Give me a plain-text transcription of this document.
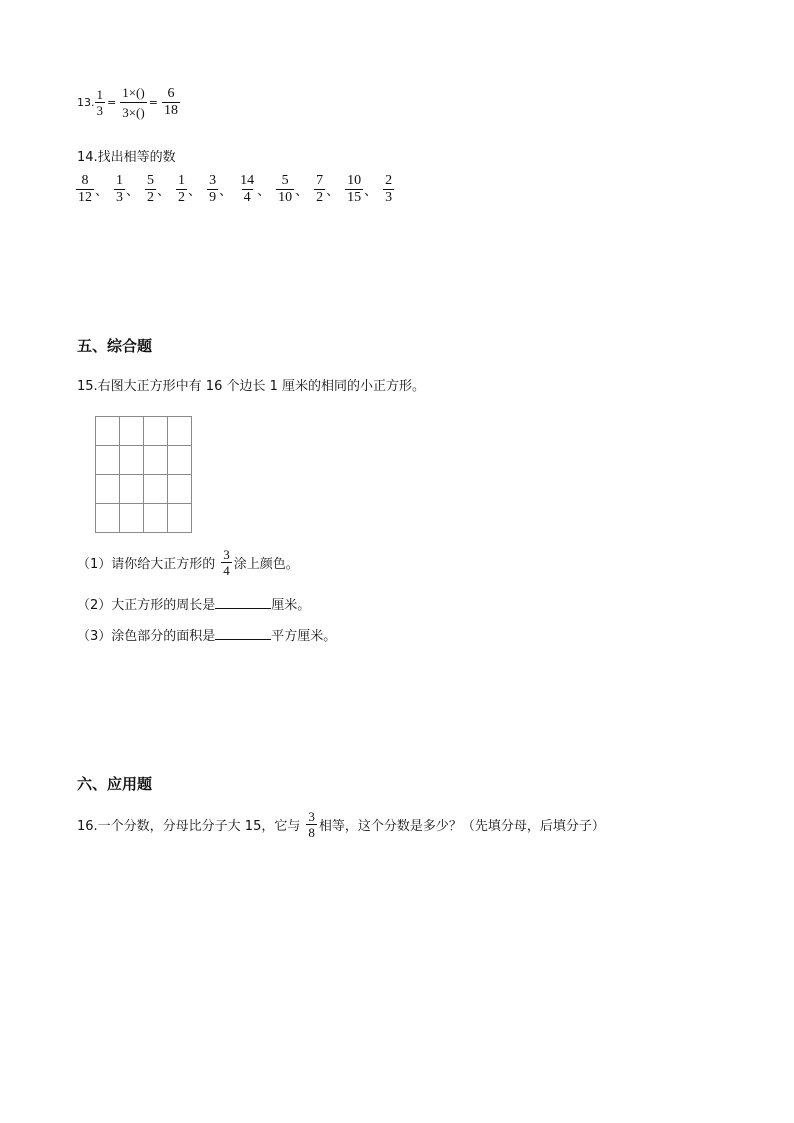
13. $\frac{1}{3} = \frac{1\times()}{3\times()} = \frac{6}{18}$
14.找出相等的数
$\frac{8}{12}$ 、 $\frac{1}{3}$ 、 $\frac{5}{2}$ 、 $\frac{1}{2}$ 、 $\frac{3}{9}$ 、 $\frac{14}{4}$ 、 $\frac{5}{10}$ 、 $\frac{7}{2}$ 、 $\frac{10}{15}$ 、 $\frac{2}{3}$
五、综合题
15.右图大正方形中有 16 个边长 1 厘米的相同的小正方形。
（1）请你给大正方形的 $\frac{3}{4}$ 涂上颜色。
（2）大正方形的周长是	厘米。
（3）涂色部分的面积是	平方厘米。
六、应用题
16.一个分数，分母比分子大 15，它与 $\frac{3}{8}$ 相等，这个分数是多少？（先填分母，后填分子）
